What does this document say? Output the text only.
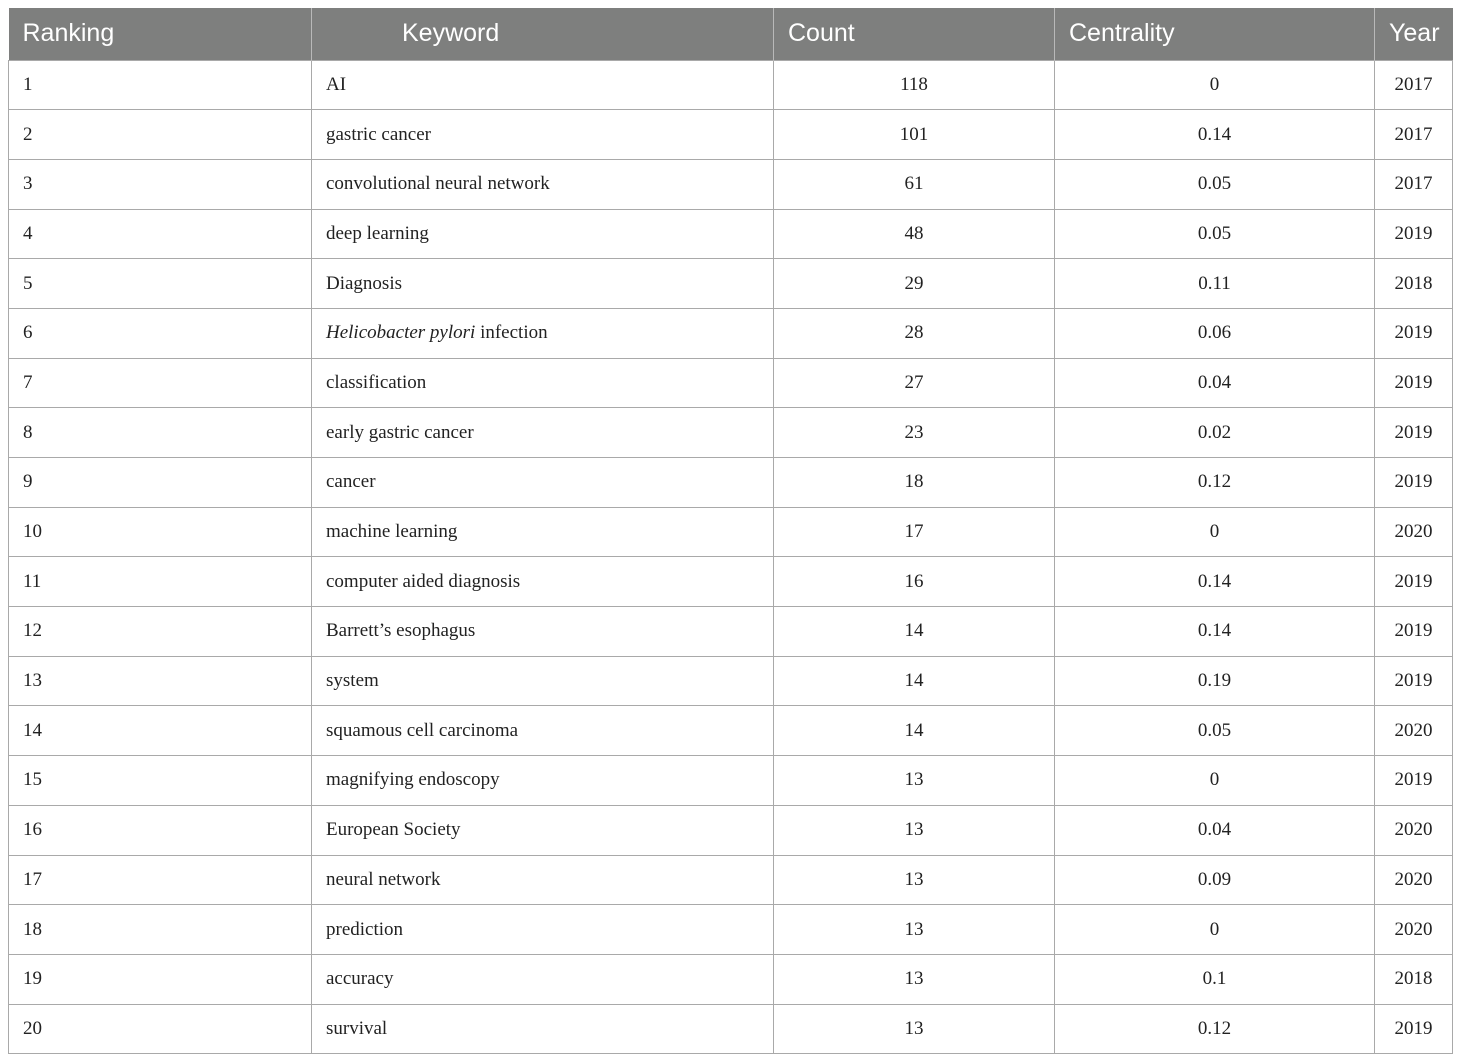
Ranking	Keyword	Count	Centrality	Year
1	AI	118	0	2017
2	gastric cancer	101	0.14	2017
3	convolutional neural network	61	0.05	2017
4	deep learning	48	0.05	2019
5	Diagnosis	29	0.11	2018
6	Helicobacter pylori infection	28	0.06	2019
7	classification	27	0.04	2019
8	early gastric cancer	23	0.02	2019
9	cancer	18	0.12	2019
10	machine learning	17	0	2020
11	computer aided diagnosis	16	0.14	2019
12	Barrett’s esophagus	14	0.14	2019
13	system	14	0.19	2019
14	squamous cell carcinoma	14	0.05	2020
15	magnifying endoscopy	13	0	2019
16	European Society	13	0.04	2020
17	neural network	13	0.09	2020
18	prediction	13	0	2020
19	accuracy	13	0.1	2018
20	survival	13	0.12	2019
